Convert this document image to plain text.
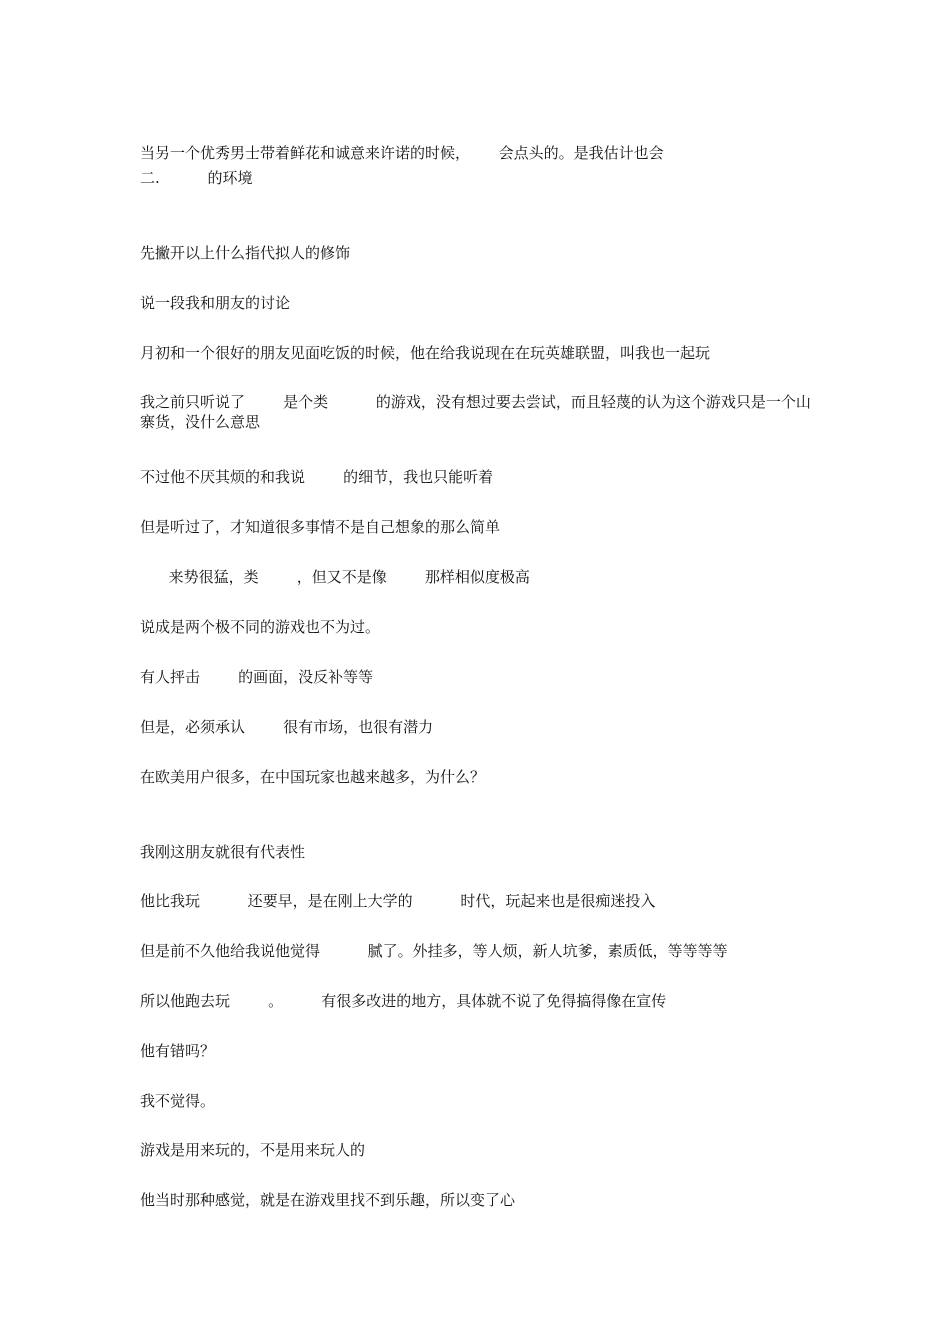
当另一个优秀男士带着鲜花和诚意来许诺的时候，      会点头的。是我估计也会
二.          的环境
先撇开以上什么指代拟人的修饰
说一段我和朋友的讨论
月初和一个很好的朋友见面吃饭的时候，他在给我说现在在玩英雄联盟，叫我也一起玩
我之前只听说了        是个类          的游戏，没有想过要去尝试，而且轻蔑的认为这个游戏只是一个山寨货，没什么意思
不过他不厌其烦的和我说        的细节，我也只能听着
但是听过了，才知道很多事情不是自己想象的那么简单
来势很猛，类        ，但又不是像        那样相似度极高
说成是两个极不同的游戏也不为过。
有人抨击        的画面，没反补等等
但是，必须承认        很有市场，也很有潜力
在欧美用户很多，在中国玩家也越来越多，为什么？
我刚这朋友就很有代表性
他比我玩          还要早，是在刚上大学的          时代，玩起来也是很痴迷投入
但是前不久他给我说他觉得          腻了。外挂多，等人烦，新人坑爹，素质低，等等等等
所以他跑去玩        。        有很多改进的地方，具体就不说了免得搞得像在宣传
他有错吗？
我不觉得。
游戏是用来玩的，不是用来玩人的
他当时那种感觉，就是在游戏里找不到乐趣，所以变了心
